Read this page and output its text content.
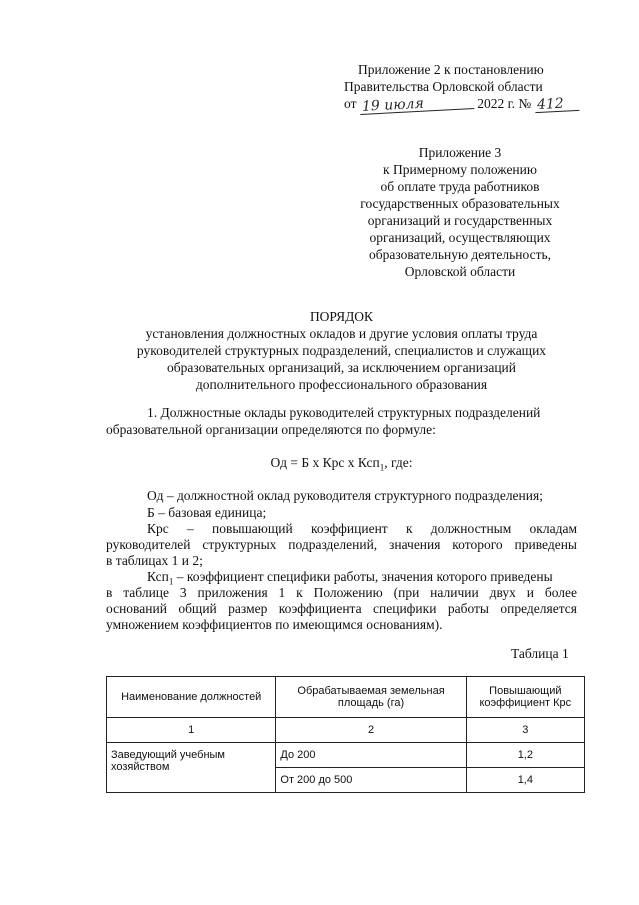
Приложение 2 к постановлению
Правительства Орловской области
от 19 июля	2022 г. № 412
Приложение 3
к Примерному положению
об оплате труда работников
государственных образовательных
организаций и государственных
организаций, осуществляющих
образовательную деятельность,
Орловской области
ПОРЯДОК
установления должностных окладов и другие условия оплаты труда
руководителей структурных подразделений, специалистов и служащих
образовательных организаций, за исключением организаций
дополнительного профессионального образования
1. Должностные оклады руководителей структурных подразделений
образовательной организации определяются по формуле:
Од = Б х Крс х Ксп$_1$, где:
Од – должностной оклад руководителя структурного подразделения;
Б – базовая единица;
Крс – повышающий коэффициент к должностным окладам
руководителей структурных подразделений, значения которого приведены
в таблицах 1 и 2;
Ксп$_1$ – коэффициент специфики работы, значения которого приведены
в таблице 3 приложения 1 к Положению (при наличии двух и более
оснований общий размер коэффициента специфики работы определяется
умножением коэффициентов по имеющимся основаниям).
Таблица 1
Наименование должностей	Обрабатываемая земельная площадь (га)	Повышающий коэффициент Крс
1	2	3
Заведующий учебным хозяйством	До 200	1,2
	От 200 до 500	1,4
